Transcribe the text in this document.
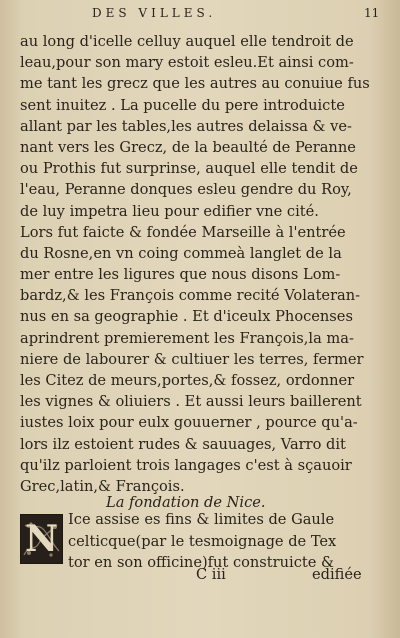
DES VILLES.	11
au long d'icelle celluy auquel elle tendroit de
leau,pour son mary estoit esleu.Et ainsi com-
me tant les grecz que les autres au conuiue fus
sent inuitez . La pucelle du pere introduicte
allant par les tables,les autres delaissa & ve-
nant vers les Grecz, de la beaulté de Peranne
ou Prothis fut surprinse, auquel elle tendit de
l'eau, Peranne donques esleu gendre du Roy,
de luy impetra lieu pour edifier vne cité.
Lors fut faicte & fondée Marseille à l'entrée
du Rosne,en vn coing commeà langlet de la
mer entre les ligures que nous disons Lom-
bardz,& les François comme recité Volateran-
nus en sa geographie . Et d'iceulx Phocenses
aprindrent premierement les François,la ma-
niere de labourer & cultiuer les terres, fermer
les Citez de meurs,portes,& fossez, ordonner
les vignes & oliuiers . Et aussi leurs baillerent
iustes loix pour eulx gouuerner , pource qu'a-
lors ilz estoient rudes & sauuages, Varro dit
qu'ilz parloient trois langages c'est à sçauoir
Grec,latin,& François.
La fondation de Nice.
N Ice assise es fins & limites de Gaule
celticque(par le tesmoignage de Tex
tor en son officine)fut construicte &
C iii	edifiée
